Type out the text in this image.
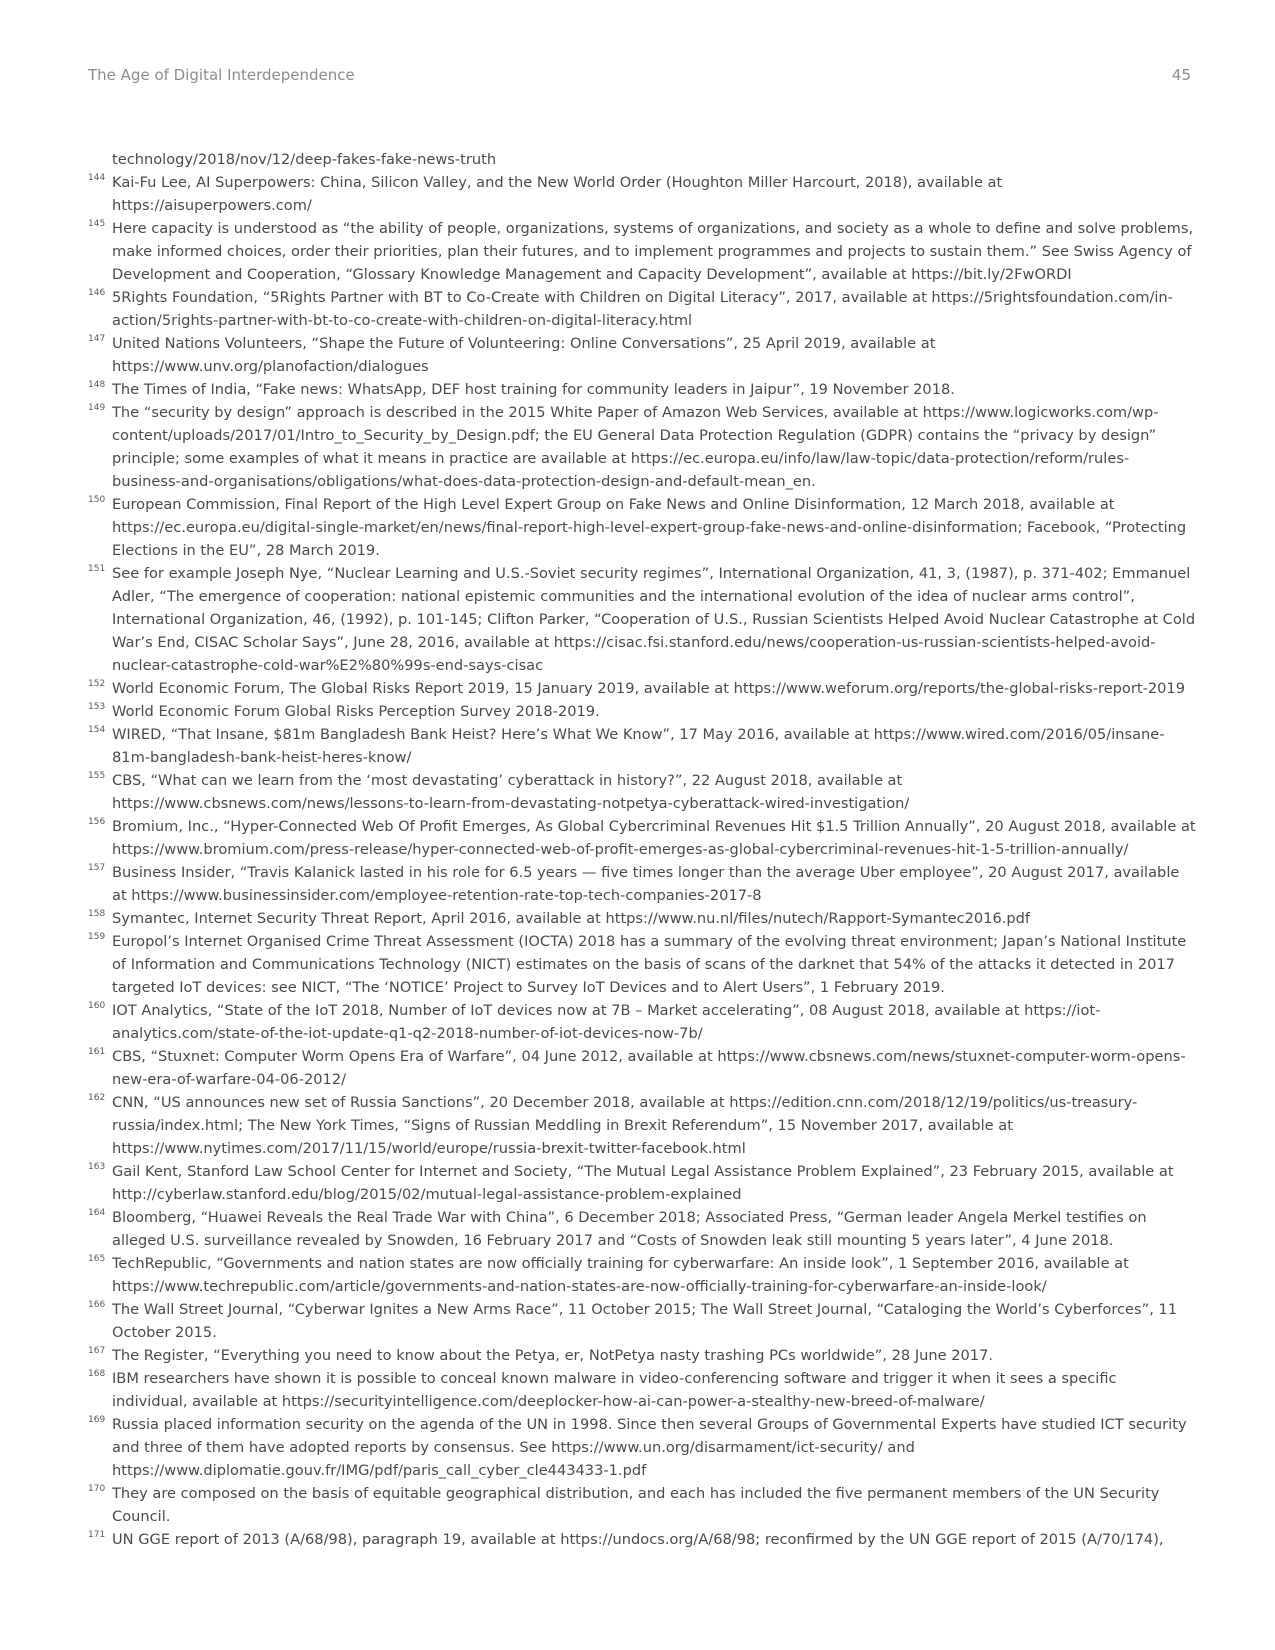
The Age of Digital Interdependence	45
technology/2018/nov/12/deep-fakes-fake-news-truth
144 Kai-Fu Lee, AI Superpowers: China, Silicon Valley, and the New World Order (Houghton Miller Harcourt, 2018), available at https://aisuperpowers.com/
145 Here capacity is understood as “the ability of people, organizations, systems of organizations, and society as a whole to define and solve problems, make informed choices, order their priorities, plan their futures, and to implement programmes and projects to sustain them.” See Swiss Agency of Development and Cooperation, “Glossary Knowledge Management and Capacity Development”, available at https://bit.ly/2FwORDI
146 5Rights Foundation, “5Rights Partner with BT to Co-Create with Children on Digital Literacy”, 2017, available at https://5rightsfoundation.com/in-action/5rights-partner-with-bt-to-co-create-with-children-on-digital-literacy.html
147 United Nations Volunteers, “Shape the Future of Volunteering: Online Conversations”, 25 April 2019, available at https://www.unv.org/planofaction/dialogues
148 The Times of India, “Fake news: WhatsApp, DEF host training for community leaders in Jaipur”, 19 November 2018.
149 The “security by design” approach is described in the 2015 White Paper of Amazon Web Services, available at https://www.logicworks.com/wp-content/uploads/2017/01/Intro_to_Security_by_Design.pdf; the EU General Data Protection Regulation (GDPR) contains the “privacy by design” principle; some examples of what it means in practice are available at https://ec.europa.eu/info/law/law-topic/data-protection/reform/rules-business-and-organisations/obligations/what-does-data-protection-design-and-default-mean_en.
150 European Commission, Final Report of the High Level Expert Group on Fake News and Online Disinformation, 12 March 2018, available at https://ec.europa.eu/digital-single-market/en/news/final-report-high-level-expert-group-fake-news-and-online-disinformation; Facebook, “Protecting Elections in the EU”, 28 March 2019.
151 See for example Joseph Nye, “Nuclear Learning and U.S.-Soviet security regimes”, International Organization, 41, 3, (1987), p. 371-402; Emmanuel Adler, “The emergence of cooperation: national epistemic communities and the international evolution of the idea of nuclear arms control”, International Organization, 46, (1992), p. 101-145; Clifton Parker, “Cooperation of U.S., Russian Scientists Helped Avoid Nuclear Catastrophe at Cold War’s End, CISAC Scholar Says”, June 28, 2016, available at https://cisac.fsi.stanford.edu/news/cooperation-us-russian-scientists-helped-avoid-nuclear-catastrophe-cold-war%E2%80%99s-end-says-cisac
152 World Economic Forum, The Global Risks Report 2019, 15 January 2019, available at https://www.weforum.org/reports/the-global-risks-report-2019
153 World Economic Forum Global Risks Perception Survey 2018-2019.
154 WIRED, “That Insane, $81m Bangladesh Bank Heist? Here’s What We Know”, 17 May 2016, available at https://www.wired.com/2016/05/insane-81m-bangladesh-bank-heist-heres-know/
155 CBS, “What can we learn from the ‘most devastating’ cyberattack in history?”, 22 August 2018, available at https://www.cbsnews.com/news/lessons-to-learn-from-devastating-notpetya-cyberattack-wired-investigation/
156 Bromium, Inc., “Hyper-Connected Web Of Profit Emerges, As Global Cybercriminal Revenues Hit $1.5 Trillion Annually”, 20 August 2018, available at https://www.bromium.com/press-release/hyper-connected-web-of-profit-emerges-as-global-cybercriminal-revenues-hit-1-5-trillion-annually/
157 Business Insider, “Travis Kalanick lasted in his role for 6.5 years — five times longer than the average Uber employee”, 20 August 2017, available at https://www.businessinsider.com/employee-retention-rate-top-tech-companies-2017-8
158 Symantec, Internet Security Threat Report, April 2016, available at https://www.nu.nl/files/nutech/Rapport-Symantec2016.pdf
159 Europol’s Internet Organised Crime Threat Assessment (IOCTA) 2018 has a summary of the evolving threat environment; Japan’s National Institute of Information and Communications Technology (NICT) estimates on the basis of scans of the darknet that 54% of the attacks it detected in 2017 targeted IoT devices: see NICT, “The ‘NOTICE’ Project to Survey IoT Devices and to Alert Users”, 1 February 2019.
160 IOT Analytics, “State of the IoT 2018, Number of IoT devices now at 7B – Market accelerating”, 08 August 2018, available at https://iot-analytics.com/state-of-the-iot-update-q1-q2-2018-number-of-iot-devices-now-7b/
161 CBS, “Stuxnet: Computer Worm Opens Era of Warfare”, 04 June 2012, available at https://www.cbsnews.com/news/stuxnet-computer-worm-opens-new-era-of-warfare-04-06-2012/
162 CNN, “US announces new set of Russia Sanctions”, 20 December 2018, available at https://edition.cnn.com/2018/12/19/politics/us-treasury-russia/index.html; The New York Times, “Signs of Russian Meddling in Brexit Referendum”, 15 November 2017, available at https://www.nytimes.com/2017/11/15/world/europe/russia-brexit-twitter-facebook.html
163 Gail Kent, Stanford Law School Center for Internet and Society, “The Mutual Legal Assistance Problem Explained”, 23 February 2015, available at http://cyberlaw.stanford.edu/blog/2015/02/mutual-legal-assistance-problem-explained
164 Bloomberg, “Huawei Reveals the Real Trade War with China”, 6 December 2018; Associated Press, “German leader Angela Merkel testifies on alleged U.S. surveillance revealed by Snowden, 16 February 2017 and “Costs of Snowden leak still mounting 5 years later”, 4 June 2018.
165 TechRepublic, “Governments and nation states are now officially training for cyberwarfare: An inside look”, 1 September 2016, available at https://www.techrepublic.com/article/governments-and-nation-states-are-now-officially-training-for-cyberwarfare-an-inside-look/
166 The Wall Street Journal, “Cyberwar Ignites a New Arms Race”, 11 October 2015; The Wall Street Journal, “Cataloging the World’s Cyberforces”, 11 October 2015.
167 The Register, “Everything you need to know about the Petya, er, NotPetya nasty trashing PCs worldwide”, 28 June 2017.
168 IBM researchers have shown it is possible to conceal known malware in video-conferencing software and trigger it when it sees a specific individual, available at https://securityintelligence.com/deeplocker-how-ai-can-power-a-stealthy-new-breed-of-malware/
169 Russia placed information security on the agenda of the UN in 1998. Since then several Groups of Governmental Experts have studied ICT security and three of them have adopted reports by consensus. See https://www.un.org/disarmament/ict-security/ and https://www.diplomatie.gouv.fr/IMG/pdf/paris_call_cyber_cle443433-1.pdf
170 They are composed on the basis of equitable geographical distribution, and each has included the five permanent members of the UN Security Council.
171 UN GGE report of 2013 (A/68/98), paragraph 19, available at https://undocs.org/A/68/98; reconfirmed by the UN GGE report of 2015 (A/70/174),
